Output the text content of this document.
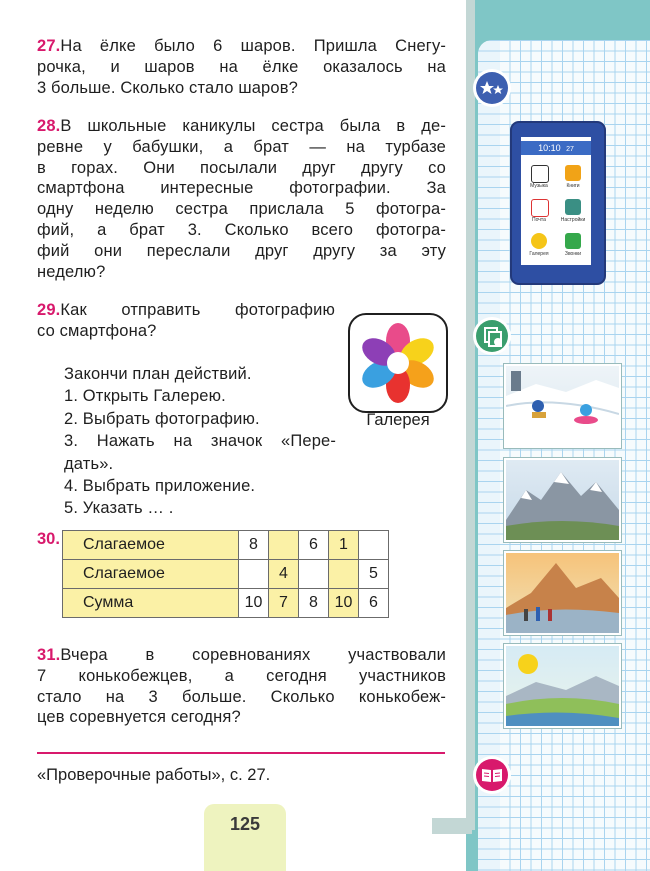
27.На ёлке было 6 шаров. Пришла Снегу-
рочка, и шаров на ёлке оказалось на
3 больше. Сколько стало шаров?
28.В школьные каникулы сестра была в де-
ревне у бабушки, а брат — на турбазе
в горах. Они посылали друг другу со
смартфона интересные фотографии. За
одну неделю сестра прислала 5 фотогра-
фий, а брат 3. Сколько всего фотогра-
фий они переслали друг другу за эту
неделю?
29.Как отправить фотографию
со смартфона?
Закончи план действий.
1. Открыть Галерею.
2. Выбрать фотографию.
3. Нажать на значок «Пере-
дать».
4. Выбрать приложение.
5. Указать … .
Галерея
30. Слагаемое	8		6	1	
Слагаемое		4			5
Сумма	10	7	8	10	6
31.Вчера в соревнованиях участвовали
7 конькобежцев, а сегодня участников
стало на 3 больше. Сколько конькобеж-
цев соревнуется сегодня?
«Проверочные работы», с. 27.
125
10:10 27
Музыка	Книги
Почта	Настройки
Галерея	Звонки
